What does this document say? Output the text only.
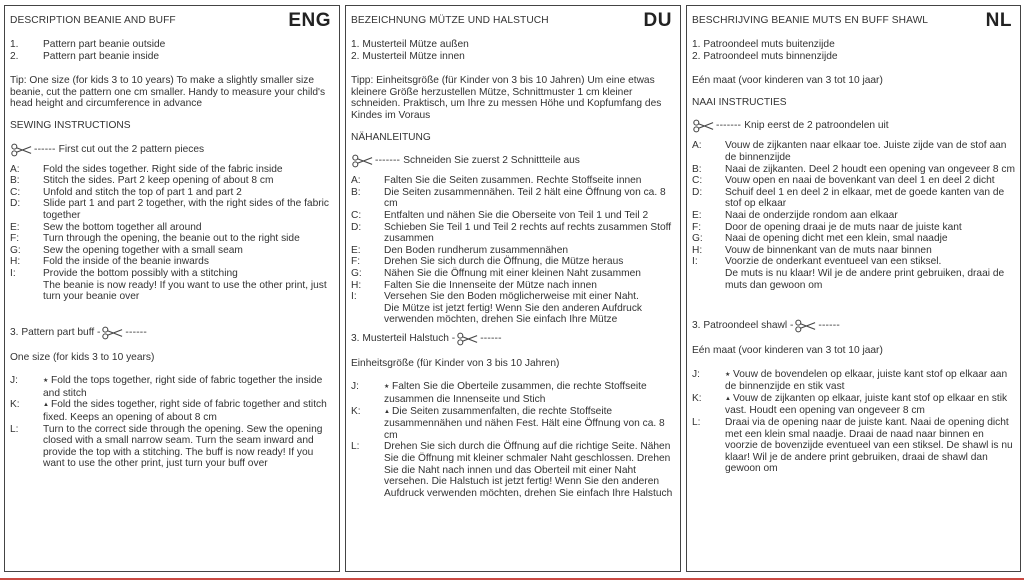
ENG
DESCRIPTION BEANIE AND BUFF
1.	Pattern part beanie outside
2.	Pattern part beanie inside
Tip: One size (for kids 3 to 10 years) To make a slightly smaller size beanie, cut the pattern one cm smaller. Handy to measure your child's head height and circumference in advance
SEWING INSTRUCTIONS
------ First cut out the 2 pattern pieces
A:	Fold the sides together. Right side of the fabric inside
B:	Stitch the sides. Part 2 keep opening of about 8 cm
C:	Unfold and stitch the top of part 1 and part 2
D:	Slide part 1 and part 2 together, with the right sides of the fabric together
E:	Sew the bottom together all around
F:	Turn through the opening, the beanie out to the right side
G:	Sew the opening together with a small seam
H:	Fold the inside of the beanie inwards
I:	Provide the bottom possibly with a stitching
The beanie is now ready! If you want to use the other print, just turn your beanie over
3. Pattern part buff - ------
One size (for kids 3 to 10 years)
J:	★ Fold the tops together, right side of fabric together the inside and stitch
K:	▲ Fold the sides together, right side of fabric together and stitch fixed. Keeps an opening of about 8 cm
L:	Turn to the correct side through the opening. Sew the opening closed with a small narrow seam. Turn the seam inward and provide the top with a stitching. The buff is now ready! If you want to use the other print, just turn your buff over
DU
BEZEICHNUNG MÜTZE UND HALSTUCH
1. Musterteil Mütze außen
2. Musterteil Mütze innen
Tipp: Einheitsgröße (für Kinder von 3 bis 10 Jahren) Um eine etwas kleinere Größe herzustellen Mütze, Schnittmuster 1 cm kleiner schneiden. Praktisch, um Ihre zu messen Höhe und Kopfumfang des Kindes im Voraus
NÄHANLEITUNG
------- Schneiden Sie zuerst 2 Schnittteile aus
A:	Falten Sie die Seiten zusammen. Rechte Stoffseite innen
B:	Die Seiten zusammennähen. Teil 2 hält eine Öffnung von ca. 8 cm
C:	Entfalten und nähen Sie die Oberseite von Teil 1 und Teil 2
D:	Schieben Sie Teil 1 und Teil 2 rechts auf rechts zusammen Stoff zusammen
E:	Den Boden rundherum zusammennähen
F:	Drehen Sie sich durch die Öffnung, die Mütze heraus
G:	Nähen Sie die Öffnung mit einer kleinen Naht zusammen
H:	Falten Sie die Innenseite der Mütze nach innen
I:	Versehen Sie den Boden möglicherweise mit einer Naht.
Die Mütze ist jetzt fertig! Wenn Sie den anderen Aufdruck verwenden möchten, drehen Sie einfach Ihre Mütze
3. Musterteil Halstuch - ------
Einheitsgröße (für Kinder von 3 bis 10 Jahren)
J:	★ Falten Sie die Oberteile zusammen, die rechte Stoffseite zusammen die Innenseite und Stich
K:	▲ Die Seiten zusammenfalten, die rechte Stoffseite zusammennähen und nähen Fest. Hält eine Öffnung von ca. 8 cm
L:	Drehen Sie sich durch die Öffnung auf die richtige Seite. Nähen Sie die Öffnung mit kleiner schmaler Naht geschlossen. Drehen Sie die Naht nach innen und das Oberteil mit einer Naht versehen. Die Halstuch ist jetzt fertig! Wenn Sie den anderen Aufdruck verwenden möchten, drehen Sie einfach Ihre Halstuch
NL
BESCHRIJVING BEANIE MUTS EN BUFF SHAWL
1. Patroondeel muts buitenzijde
2. Patroondeel muts binnenzijde
Eén maat (voor kinderen van 3 tot 10 jaar)
NAAI INSTRUCTIES
------- Knip eerst de 2 patroondelen uit
A:	Vouw de zijkanten naar elkaar toe. Juiste zijde van de stof aan de binnenzijde
B:	Naai de zijkanten. Deel 2 houdt een opening van ongeveer 8 cm
C:	Vouw open en naai de bovenkant van deel 1 en deel 2 dicht
D:	Schuif deel 1 en deel 2 in elkaar, met de goede kanten van de stof op elkaar
E:	Naai de onderzijde rondom aan elkaar
F:	Door de opening draai je de muts naar de juiste kant
G:	Naai de opening dicht met een klein, smal naadje
H:	Vouw de binnenkant van de muts naar binnen
I:	Voorzie de onderkant eventueel van een stiksel.
De muts is nu klaar! Wil je de andere print gebruiken, draai de muts dan gewoon om
3. Patroondeel shawl - ------
Eén maat (voor kinderen van 3 tot 10 jaar)
J:	★ Vouw de bovendelen op elkaar, juiste kant stof op elkaar aan de binnenzijde en stik vast
K:	▲ Vouw de zijkanten op elkaar, juiste kant stof op elkaar en stik vast. Houdt een opening van ongeveer 8 cm
L:	Draai via de opening naar de juiste kant. Naai de opening dicht met een klein smal naadje. Draai de naad naar binnen en voorzie de bovenzijde eventueel van een stiksel. De shawl is nu klaar! Wil je de andere print gebruiken, draai de shawl dan gewoon om
